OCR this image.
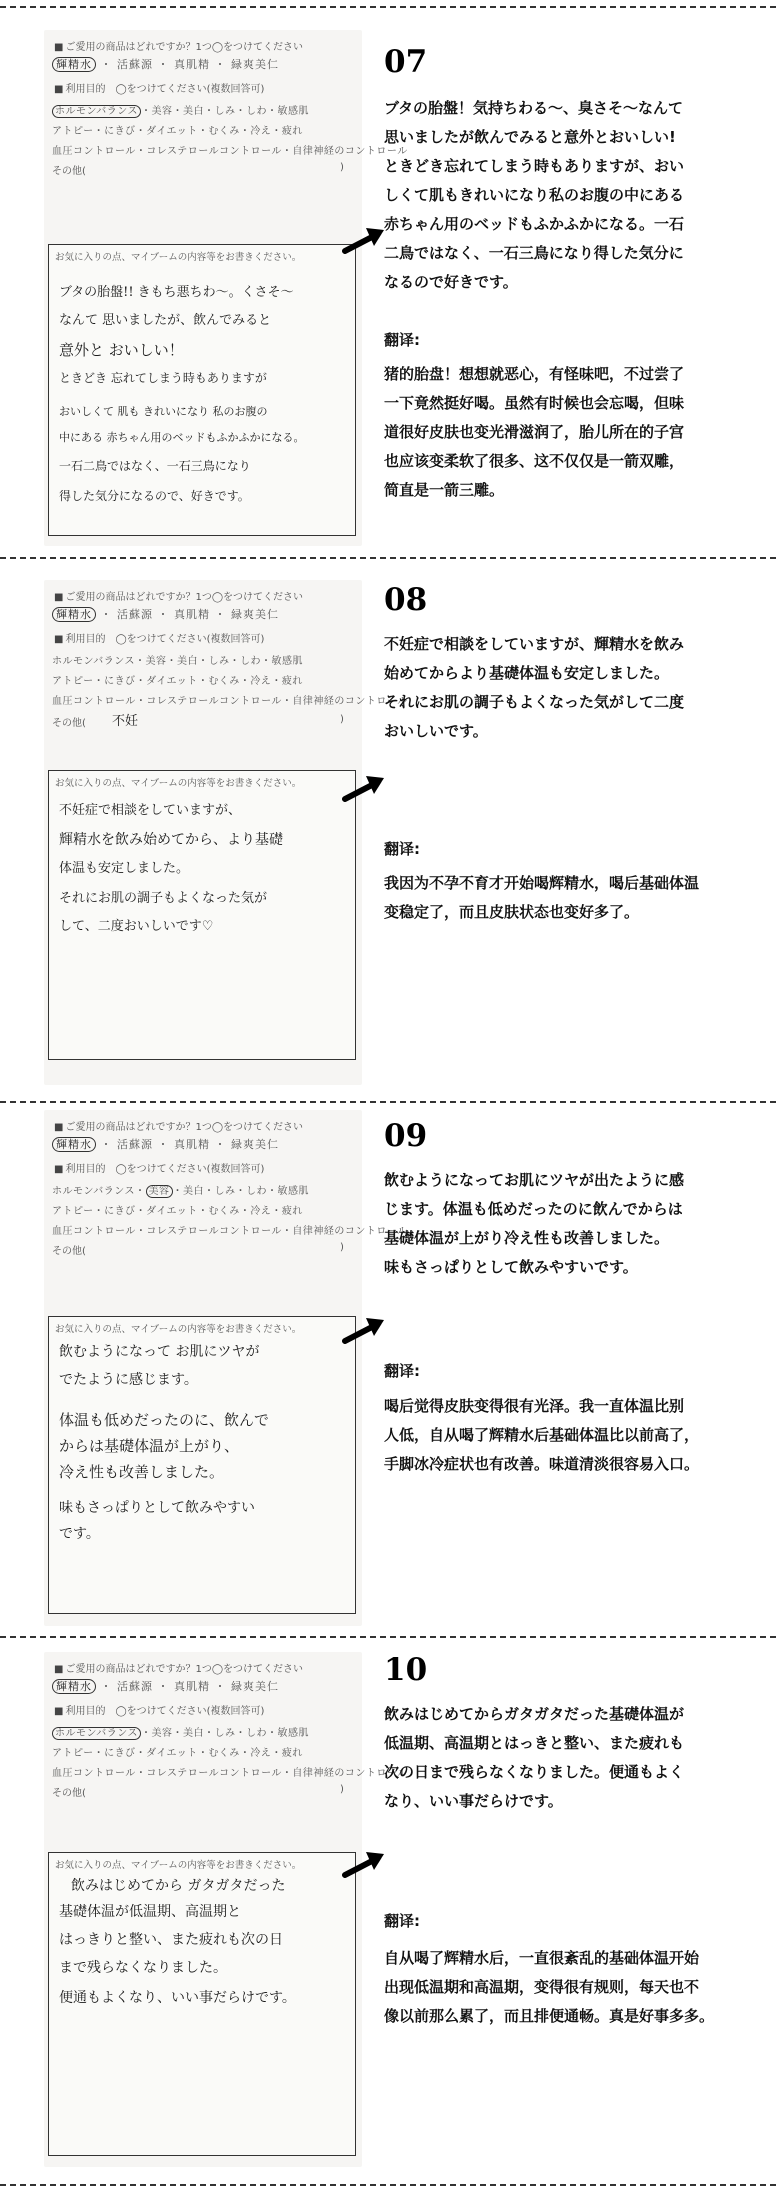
■ ご愛用の商品はどれですか？1つ◯をつけてください
輝精水 ・ 活蘇源 ・ 真肌精 ・ 緑爽美仁
■ 利用目的　◯をつけてください(複数回答可)
ホルモンバランス ・美容・美白・しみ・しわ・敏感肌
アトピー・にきび・ダイエット・むくみ・冷え・疲れ
血圧コントロール・コレステロールコントロール・自律神経のコントロール
その他(	)
お気に入りの点、マイブームの内容等をお書きください。
ブタの胎盤!! きもち悪ちわ〜。くさそ〜
なんて 思いましたが、飲んでみると
意外と おいしい！
ときどき 忘れてしまう時もありますが
おいしくて 肌も きれいになり 私のお腹の
中にある 赤ちゃん用のベッドもふかふかになる。
一石二鳥ではなく、一石三鳥になり
得した気分になるので、好きです。
07

ブタの胎盤！気持ちわる〜、臭さそ〜なんて

思いましたが飲んでみると意外とおいしい!

ときどき忘れてしまう時もありますが、おい

しくて肌もきれいになり私のお腹の中にある

赤ちゃん用のベッドもふかふかになる。一石

二鳥ではなく、一石三鳥になり得した気分に

なるので好きです。

翻译:

猪的胎盘！想想就恶心，有怪味吧，不过尝了

一下竟然挺好喝。虽然有时候也会忘喝，但味

道很好皮肤也变光滑滋润了，胎儿所在的子宫

也应该变柔软了很多、这不仅仅是一箭双雕，

简直是一箭三雕。

■ ご愛用の商品はどれですか？1つ◯をつけてください
輝精水 ・ 活蘇源 ・ 真肌精 ・ 緑爽美仁
■ 利用目的　◯をつけてください(複数回答可)
ホルモンバランス・美容・美白・しみ・しわ・敏感肌
アトピー・にきび・ダイエット・むくみ・冷え・疲れ
血圧コントロール・コレステロールコントロール・自律神経のコントロール
その他( 不妊	)
お気に入りの点、マイブームの内容等をお書きください。
不妊症で相談をしていますが、
輝精水を飲み始めてから、より基礎
体温も安定しました。
それにお肌の調子もよくなった気が
して、二度おいしいです♡
08

不妊症で相談をしていますが、輝精水を飲み

始めてからより基礎体温も安定しました。

それにお肌の調子もよくなった気がして二度

おいしいです。

翻译:

我因为不孕不育才开始喝辉精水，喝后基础体温

变稳定了，而且皮肤状态也变好多了。

■ ご愛用の商品はどれですか？1つ◯をつけてください
輝精水 ・ 活蘇源 ・ 真肌精 ・ 緑爽美仁
■ 利用目的　◯をつけてください(複数回答可)
ホルモンバランス・ 美容 ・美白・しみ・しわ・敏感肌
アトピー・にきび・ダイエット・むくみ・冷え・疲れ
血圧コントロール・コレステロールコントロール・自律神経のコントロール
その他(	)
お気に入りの点、マイブームの内容等をお書きください。
飲むようになって お肌にツヤが
でたように感じます。
体温も低めだったのに、飲んで
からは基礎体温が上がり、
冷え性も改善しました。
味もさっぱりとして飲みやすい
です。
09

飲むようになってお肌にツヤが出たように感

じます。体温も低めだったのに飲んでからは

基礎体温が上がり冷え性も改善しました。

味もさっぱりとして飲みやすいです。

翻译:

喝后觉得皮肤变得很有光泽。我一直体温比别

人低，自从喝了辉精水后基础体温比以前高了，

手脚冰冷症状也有改善。味道清淡很容易入口。

■ ご愛用の商品はどれですか？1つ◯をつけてください
輝精水 ・ 活蘇源 ・ 真肌精 ・ 緑爽美仁
■ 利用目的　◯をつけてください(複数回答可)
ホルモンバランス ・美容・美白・しみ・しわ・敏感肌
アトピー・にきび・ダイエット・むくみ・冷え・疲れ
血圧コントロール・コレステロールコントロール・自律神経のコントロール
その他(	)
お気に入りの点、マイブームの内容等をお書きください。
飲みはじめてから ガタガタだった
基礎体温が低温期、高温期と
はっきりと整い、また疲れも次の日
まで残らなくなりました。
便通もよくなり、いい事だらけです。
10

飲みはじめてからガタガタだった基礎体温が

低温期、高温期とはっきと整い、また疲れも

次の日まで残らなくなりました。便通もよく

なり、いい事だらけです。

翻译:

自从喝了辉精水后，一直很紊乱的基础体温开始

出现低温期和高温期，变得很有规则，每天也不

像以前那么累了，而且排便通畅。真是好事多多。
